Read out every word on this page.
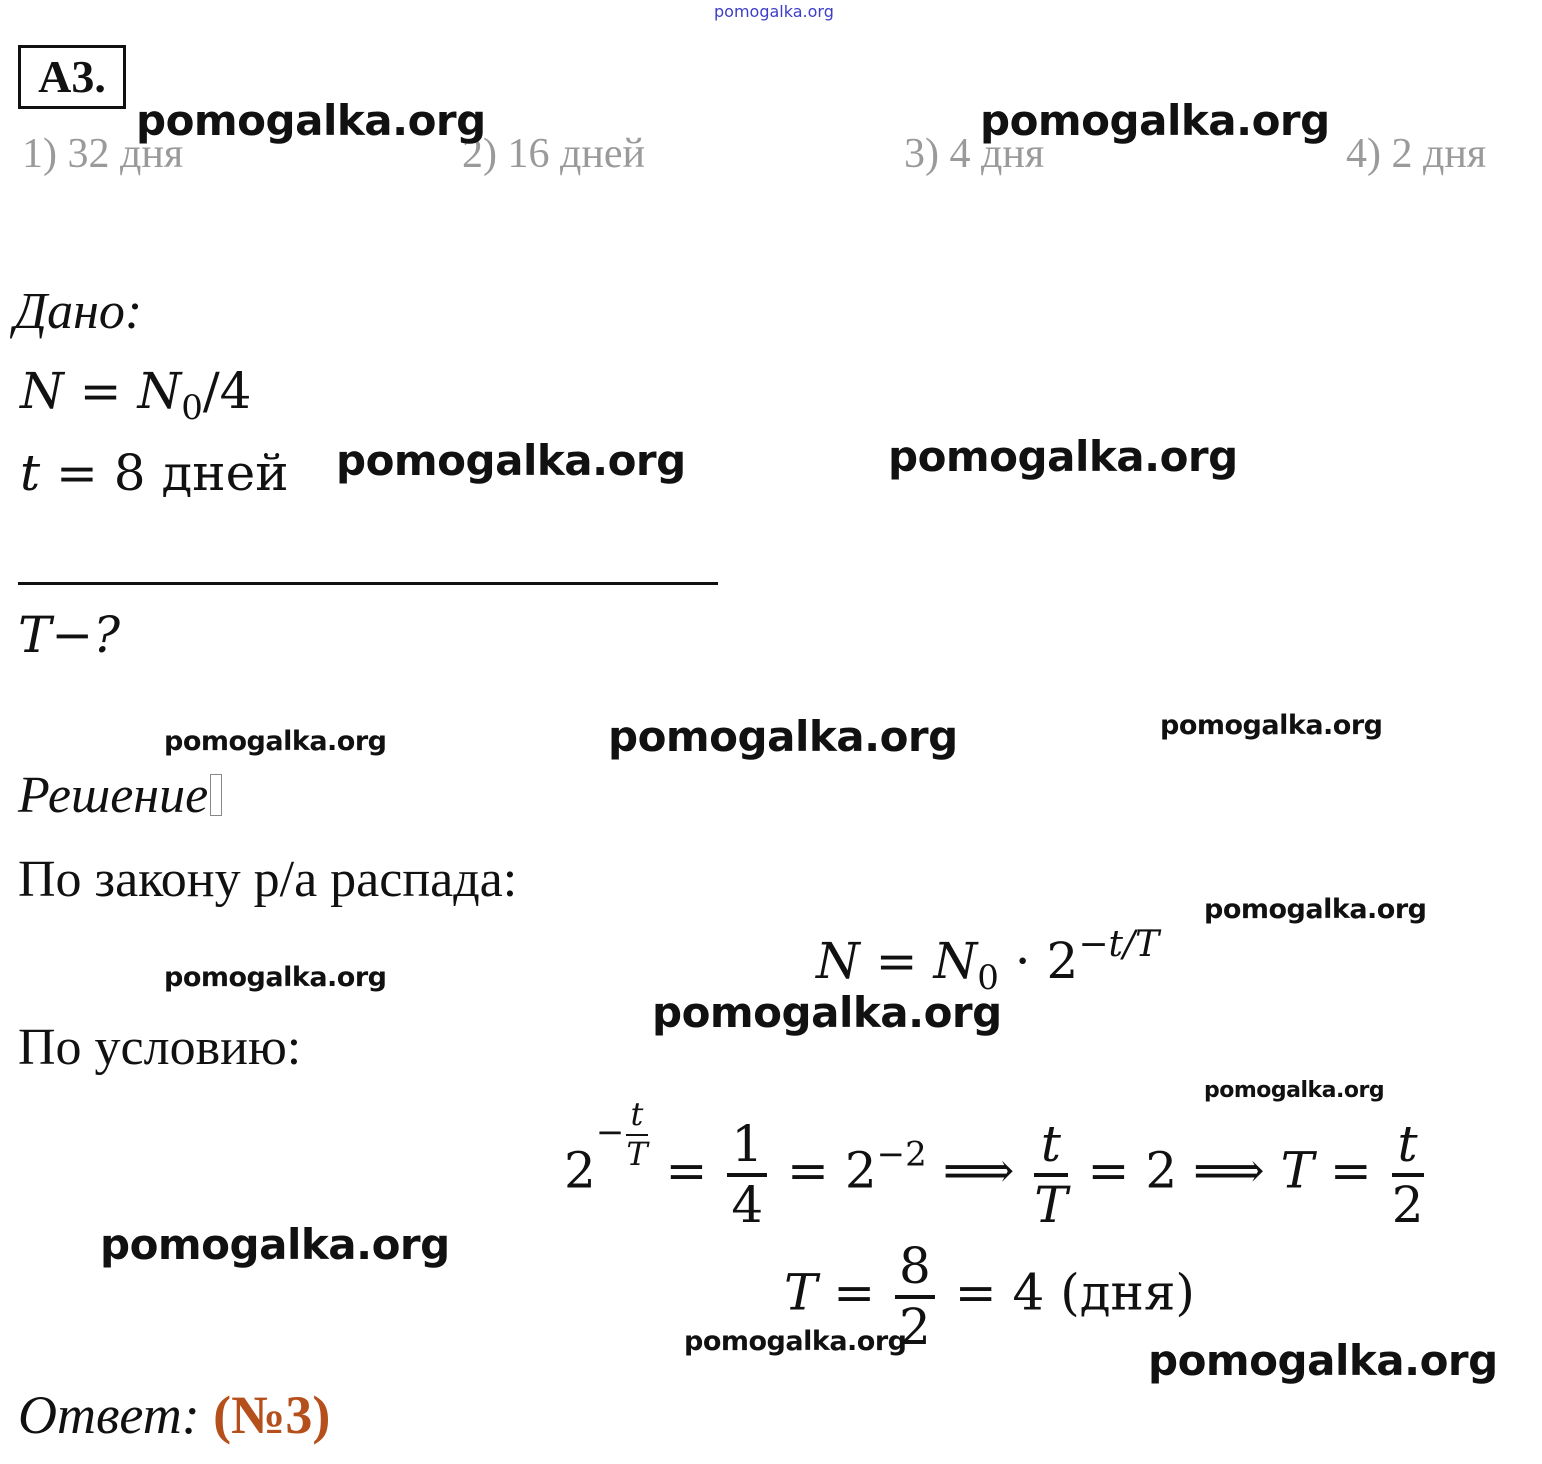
pomogalka.org
A3.
1) 32 дня	2) 16 дней	3) 4 дня	4) 2 дня
Дано:
$N = N_0/4$
t = 8 дней
T−?
Решение
По закону р/а распада:
$N = N_0 \cdot 2^{-t/T}$
По условию:
$2- \frac{t}{T} = \frac{1}{4} = 2^{-2}$ ⟹ $\frac{t}{T} = 2$ ⟹ $T = \frac{t}{2}$
$T = \frac{8}{2} = 4$ (дня)
Ответ: (№3)
pomogalka.org	pomogalka.org
pomogalka.org	pomogalka.org
pomogalka.org	pomogalka.org	pomogalka.org
pomogalka.org
pomogalka.org
pomogalka.org
pomogalka.org
pomogalka.org
pomogalka.org	pomogalka.org
